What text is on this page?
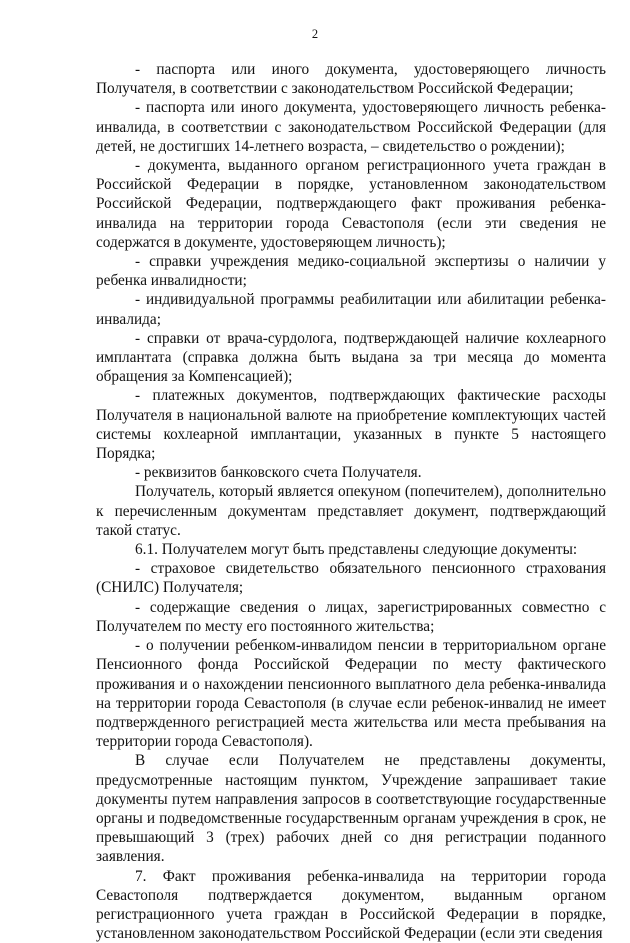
2

- паспорта или иного документа, удостоверяющего личность Получателя, в соответствии с законодательством Российской Федерации;

- паспорта или иного документа, удостоверяющего личность ребенка-инвалида, в соответствии с законодательством Российской Федерации (для детей, не достигших 14-летнего возраста, – свидетельство о рождении);

- документа, выданного органом регистрационного учета граждан в Российской Федерации в порядке, установленном законодательством Российской Федерации, подтверждающего факт проживания ребенка-инвалида на территории города Севастополя (если эти сведения не содержатся в документе, удостоверяющем личность);

- справки учреждения медико-социальной экспертизы о наличии у ребенка инвалидности;

- индивидуальной программы реабилитации или абилитации ребенка-инвалида;

- справки от врача-сурдолога, подтверждающей наличие кохлеарного имплантата (справка должна быть выдана за три месяца до момента обращения за Компенсацией);

- платежных документов, подтверждающих фактические расходы Получателя в национальной валюте на приобретение комплектующих частей системы кохлеарной имплантации, указанных в пункте 5 настоящего Порядка;

- реквизитов банковского счета Получателя.

Получатель, который является опекуном (попечителем), дополнительно к перечисленным документам представляет документ, подтверждающий такой статус.

6.1. Получателем могут быть представлены следующие документы:

- страховое свидетельство обязательного пенсионного страхования (СНИЛС) Получателя;

- содержащие сведения о лицах, зарегистрированных совместно с Получателем по месту его постоянного жительства;

- о получении ребенком-инвалидом пенсии в территориальном органе Пенсионного фонда Российской Федерации по месту фактического проживания и о нахождении пенсионного выплатного дела ребенка-инвалида на территории города Севастополя (в случае если ребенок-инвалид не имеет подтвержденного регистрацией места жительства или места пребывания на территории города Севастополя).

В случае если Получателем не представлены документы, предусмотренные настоящим пунктом, Учреждение запрашивает такие документы путем направления запросов в соответствующие государственные органы и подведомственные государственным органам учреждения в срок, не превышающий 3 (трех) рабочих дней со дня регистрации поданного заявления.

7. Факт проживания ребенка-инвалида на территории города Севастополя подтверждается документом, выданным органом регистрационного учета граждан в Российской Федерации в порядке, установленном законодательством Российской Федерации (если эти сведения
